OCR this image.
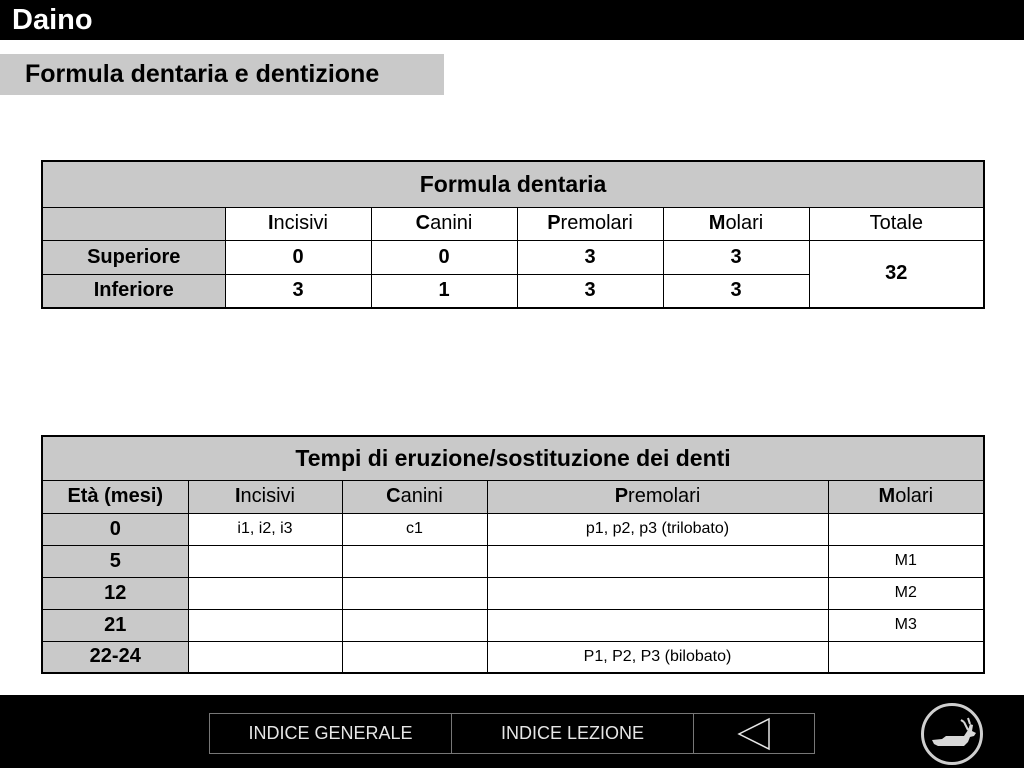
Daino
Formula dentaria e dentizione
Formula dentaria					
	Incisivi	Canini	Premolari	Molari	Totale
Superiore	0	0	3	3	32
Inferiore	3	1	3	3	
Tempi di eruzione/sostituzione dei denti				
Età (mesi)	Incisivi	Canini	Premolari	Molari
0	i1, i2, i3	c1	p1, p2, p3 (trilobato)	
5				M1
12				M2
21				M3
22-24			P1, P2, P3 (bilobato)	
INDICE GENERALE	INDICE LEZIONE
